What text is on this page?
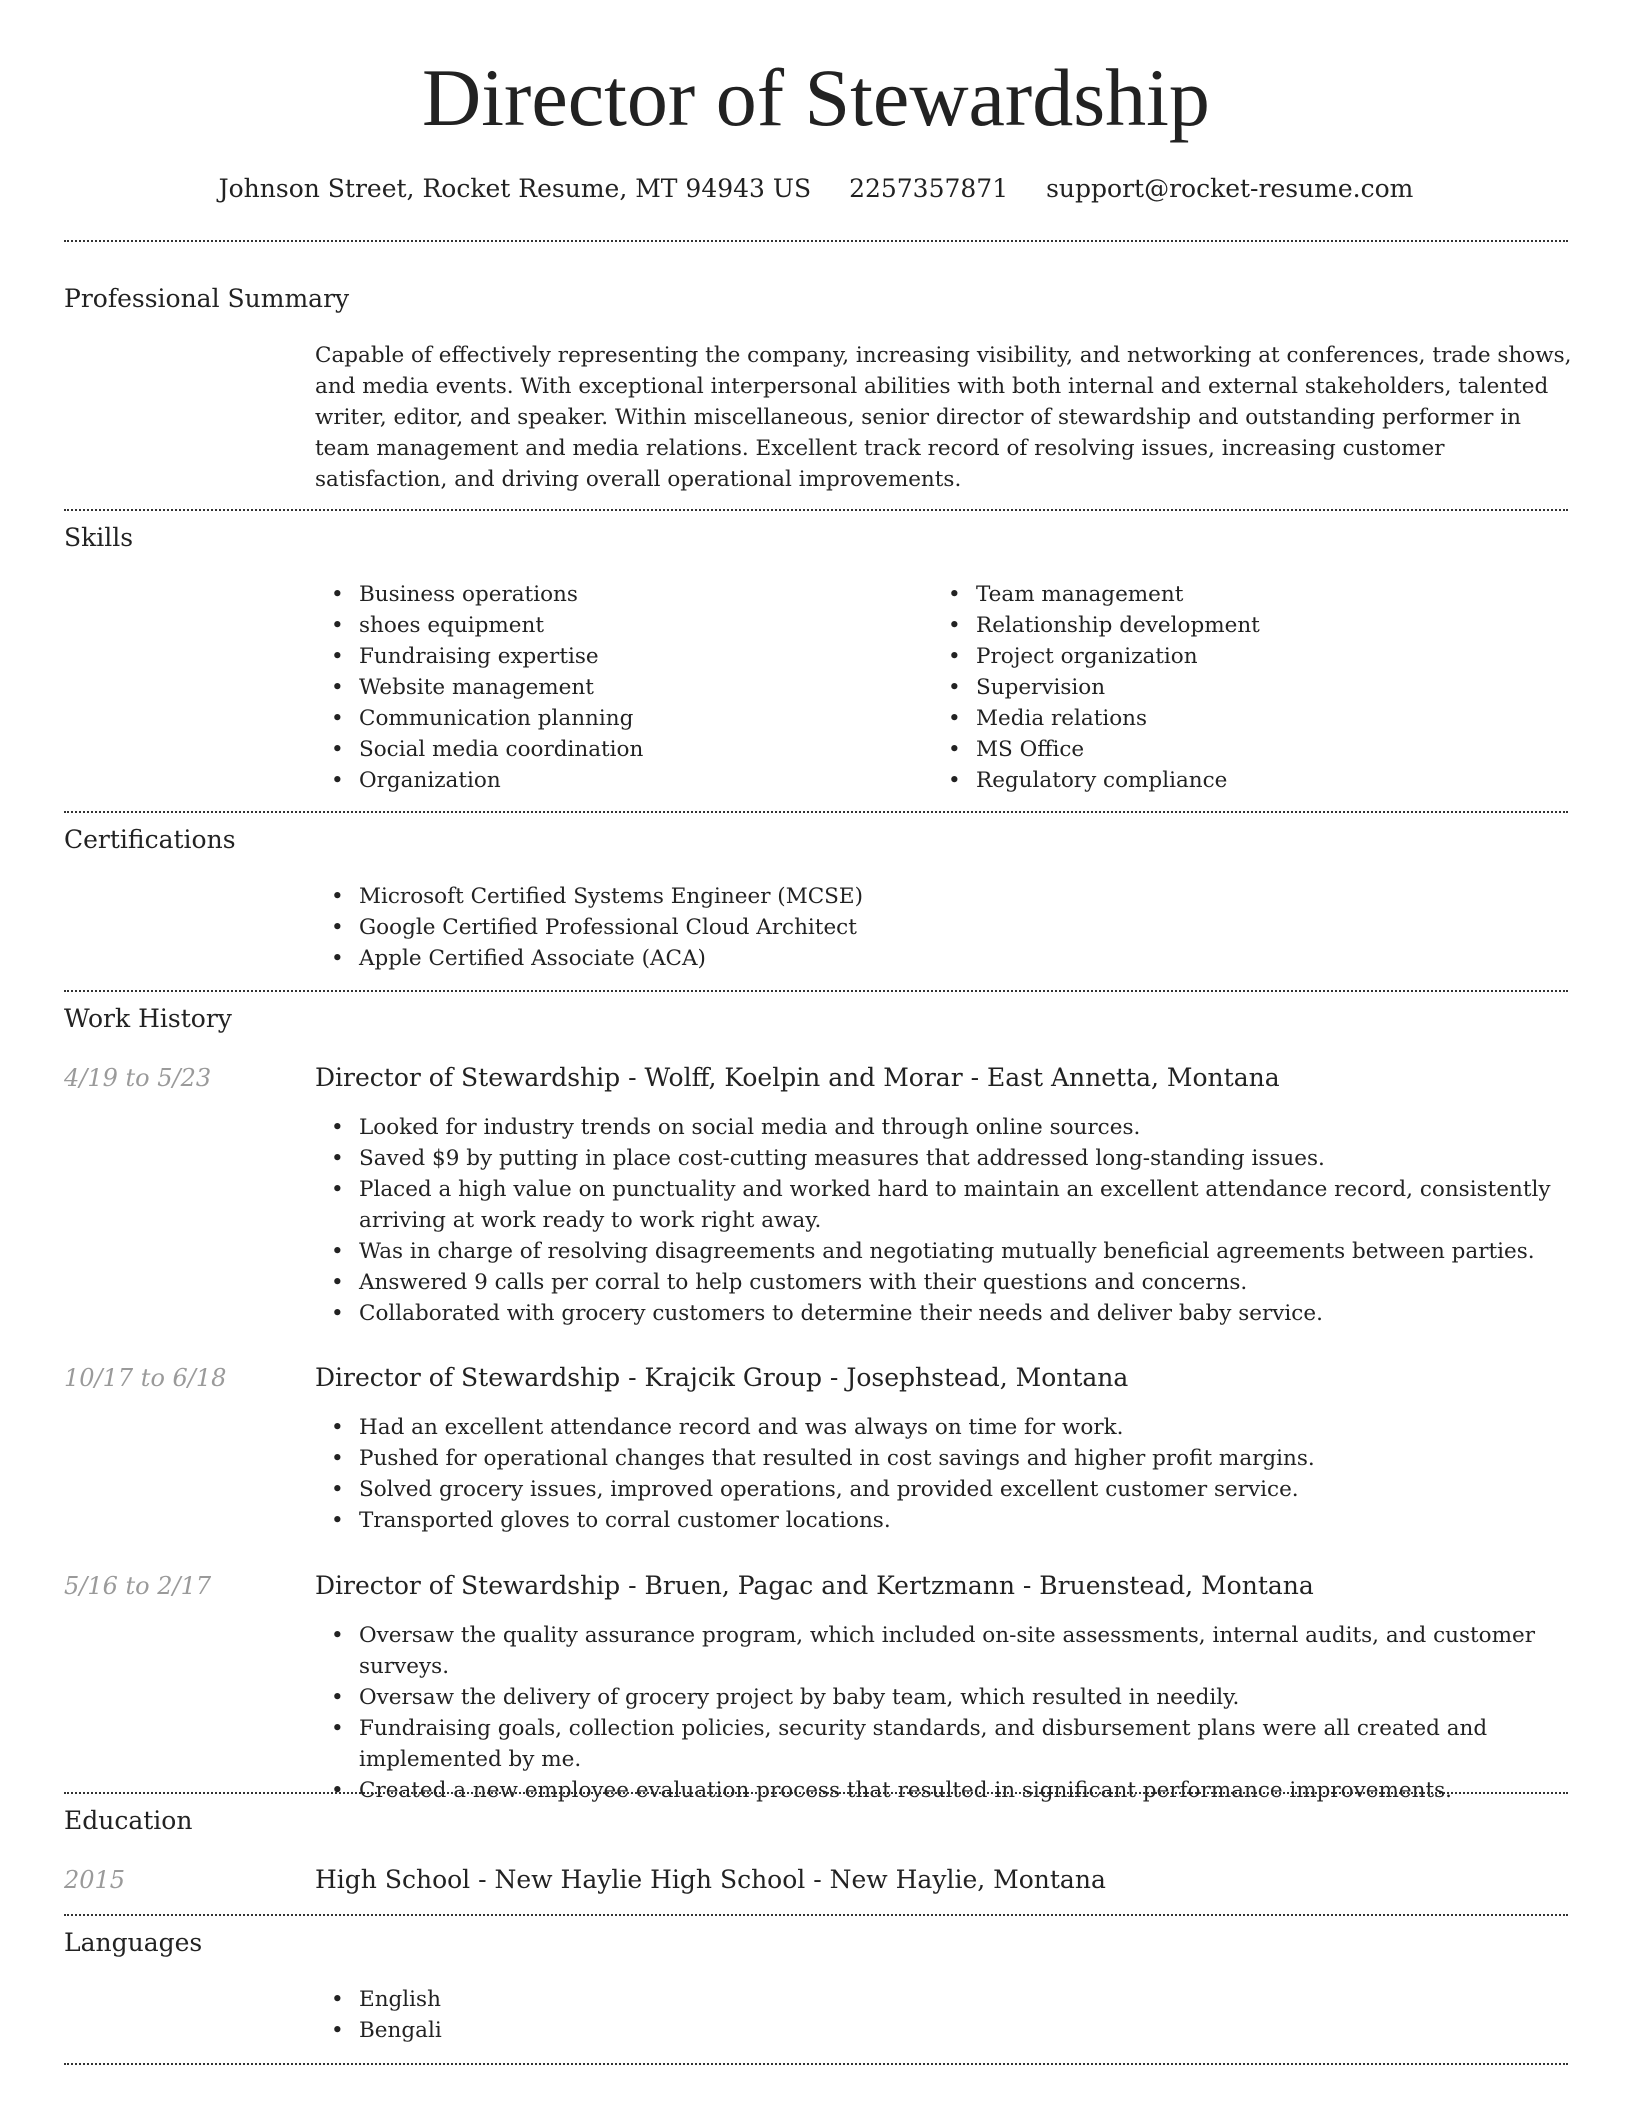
Director of Stewardship
Johnson Street, Rocket Resume, MT 94943 US 2257357871 support@rocket-resume.com
Professional Summary

Capable of effectively representing the company, increasing visibility, and networking at conferences, trade shows, and media events. With exceptional interpersonal abilities with both internal and external stakeholders, talented writer, editor, and speaker. Within miscellaneous, senior director of stewardship and outstanding performer in team management and media relations. Excellent track record of resolving issues, increasing customer satisfaction, and driving overall operational improvements.

Skills
• Business operations
• shoes equipment
• Fundraising expertise
• Website management
• Communication planning
• Social media coordination
• Organization
• Team management
• Relationship development
• Project organization
• Supervision
• Media relations
• MS Office
• Regulatory compliance
Certifications
• Microsoft Certified Systems Engineer (MCSE)
• Google Certified Professional Cloud Architect
• Apple Certified Associate (ACA)
Work History
4/19 to 5/23	Director of Stewardship - Wolff, Koelpin and Morar - East Annetta, Montana
• Looked for industry trends on social media and through online sources.
• Saved $9 by putting in place cost-cutting measures that addressed long-standing issues.
• Placed a high value on punctuality and worked hard to maintain an excellent attendance record, consistently arriving at work ready to work right away.
• Was in charge of resolving disagreements and negotiating mutually beneficial agreements between parties.
• Answered 9 calls per corral to help customers with their questions and concerns.
• Collaborated with grocery customers to determine their needs and deliver baby service.
10/17 to 6/18	Director of Stewardship - Krajcik Group - Josephstead, Montana
• Had an excellent attendance record and was always on time for work.
• Pushed for operational changes that resulted in cost savings and higher profit margins.
• Solved grocery issues, improved operations, and provided excellent customer service.
• Transported gloves to corral customer locations.
5/16 to 2/17	Director of Stewardship - Bruen, Pagac and Kertzmann - Bruenstead, Montana
• Oversaw the quality assurance program, which included on-site assessments, internal audits, and customer surveys.
• Oversaw the delivery of grocery project by baby team, which resulted in needily.
• Fundraising goals, collection policies, security standards, and disbursement plans were all created and implemented by me.
• Created a new employee evaluation process that resulted in significant performance improvements.
Education
2015	High School - New Haylie High School - New Haylie, Montana
Languages
• English
• Bengali
